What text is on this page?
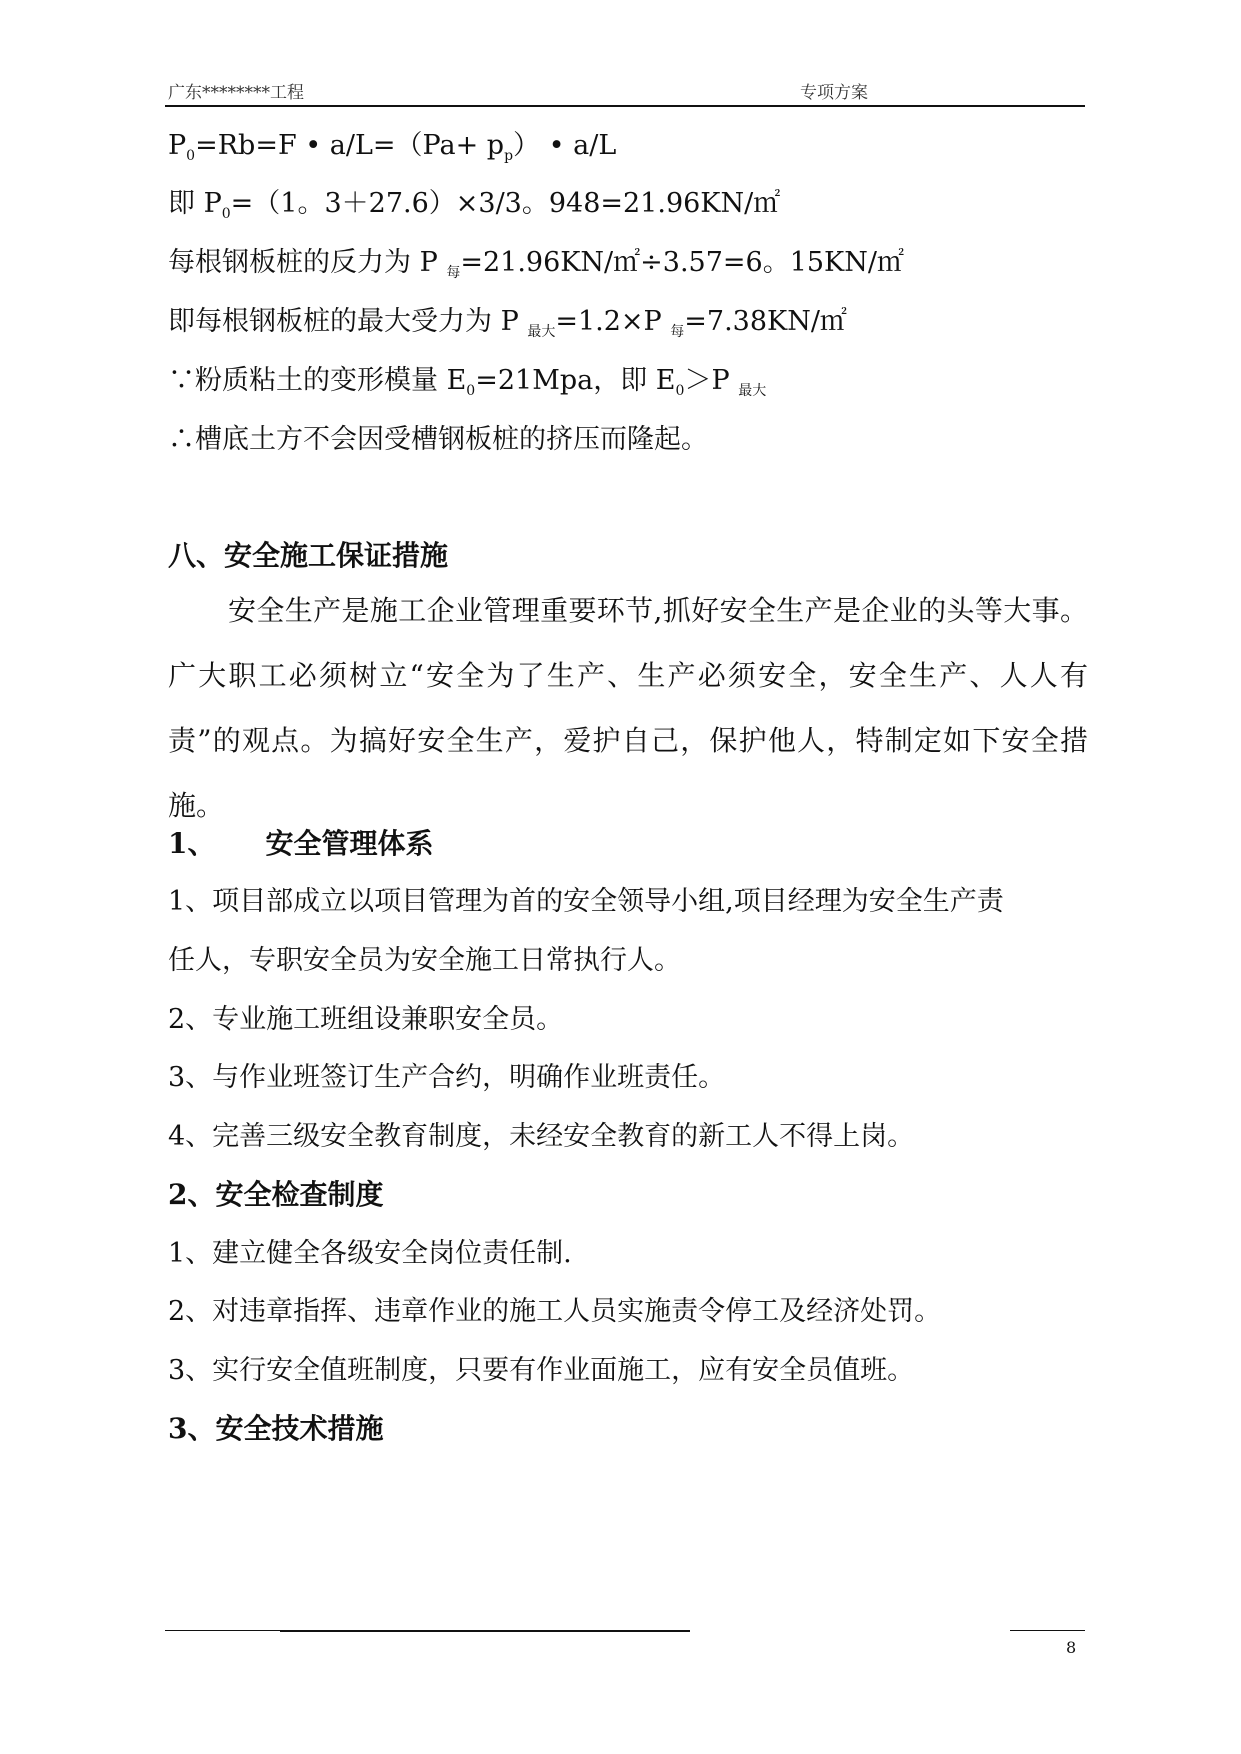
广东********工程	专项方案
$P_0=Rb=F$ • $a/L=(Pa+ p_p)$ • a/L
即 $P_0=(1$。3＋27.6）×3/3。948=21.96KN/㎡
每根钢板桩的反力为 P $_每$=21.96KN/㎡÷3.57=6。15KN/㎡
即每根钢板桩的最大受力为 P $_{最大}$=1.2×P $_每$=7.38KN/㎡
∵粉质粘土的变形模量 $E_0=21Mpa$，即 $E_0>P$ $_{最大}$
∴槽底土方不会因受槽钢板桩的挤压而隆起。
八、安全施工保证措施
安全生产是施工企业管理重要环节,抓好安全生产是企业的头等大事。广大职工必须树立“安全为了生产、生产必须安全，安全生产、人人有责”的观点。为搞好安全生产，爱护自己，保护他人，特制定如下安全措施。
1、 安全管理体系
1、项目部成立以项目管理为首的安全领导小组,项目经理为安全生产责
任人，专职安全员为安全施工日常执行人。
2、专业施工班组设兼职安全员。
3、与作业班签订生产合约，明确作业班责任。
4、完善三级安全教育制度，未经安全教育的新工人不得上岗。
2、安全检查制度
1、建立健全各级安全岗位责任制.
2、对违章指挥、违章作业的施工人员实施责令停工及经济处罚。
3、实行安全值班制度，只要有作业面施工，应有安全员值班。
3、安全技术措施
8
